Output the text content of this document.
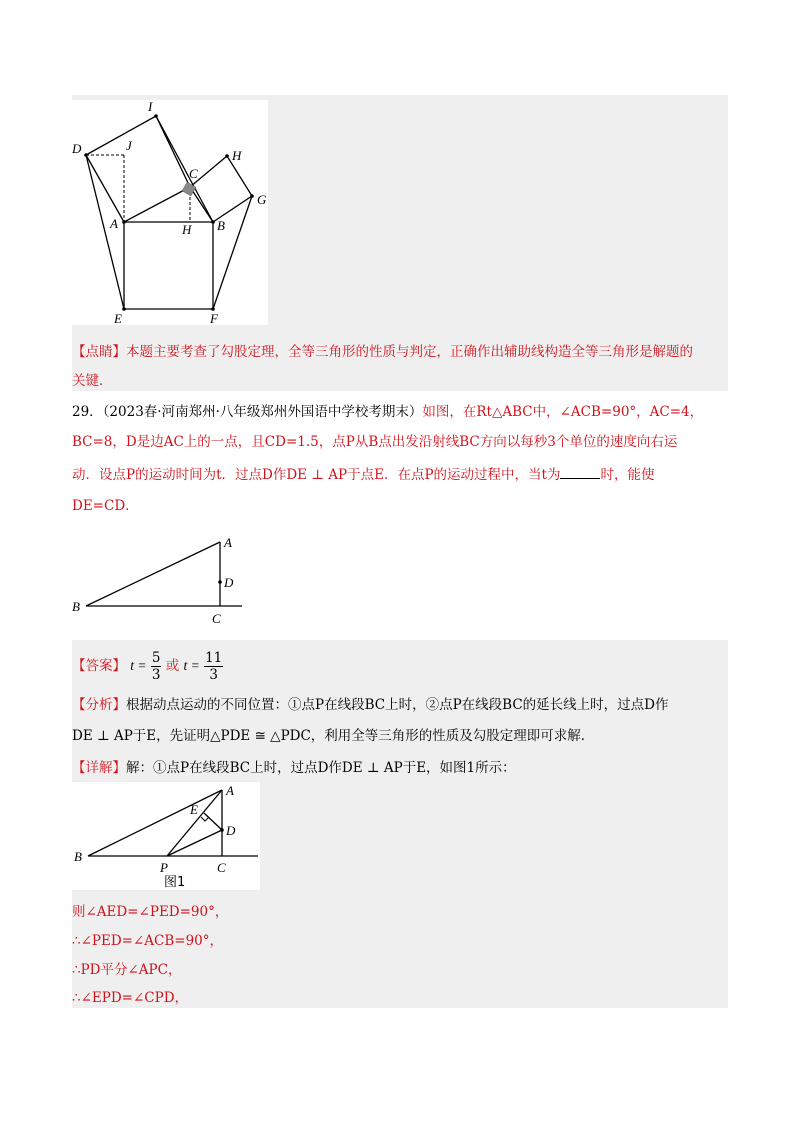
I
D	J
C
H
G
A	H B
E	F
【点睛】本题主要考查了勾股定理，全等三角形的性质与判定，正确作出辅助线构造全等三角形是解题的
关键．
29．（2023春·河南郑州·八年级郑州外国语中学校考期末）如图，在Rt△ABC中，∠ACB=90°，AC=4，
BC=8，D是边AC上的一点，且CD=1.5，点P从B点出发沿射线BC方向以每秒3个单位的速度向右运
动．设点P的运动时间为t．过点D作DE ⊥ AP于点E．在点P的运动过程中，当t为	时，能使
DE=CD．
A
D
B
C
【答案】 $t = \frac{5}{3}$ 或 $t = \frac{11}{3}$
【分析】根据动点运动的不同位置：①点P在线段BC上时，②点P在线段BC的延长线上时，过点D作
DE ⊥ AP于E，先证明△PDE ≅ △PDC，利用全等三角形的性质及勾股定理即可求解．
【详解】解：①点P在线段BC上时，过点D作DE ⊥ AP于E，如图1所示：
A
E
D
B
P	C
图1
则∠AED=∠PED=90°，
∴∠PED=∠ACB=90°，
∴PD平分∠APC，
∴∠EPD=∠CPD，
